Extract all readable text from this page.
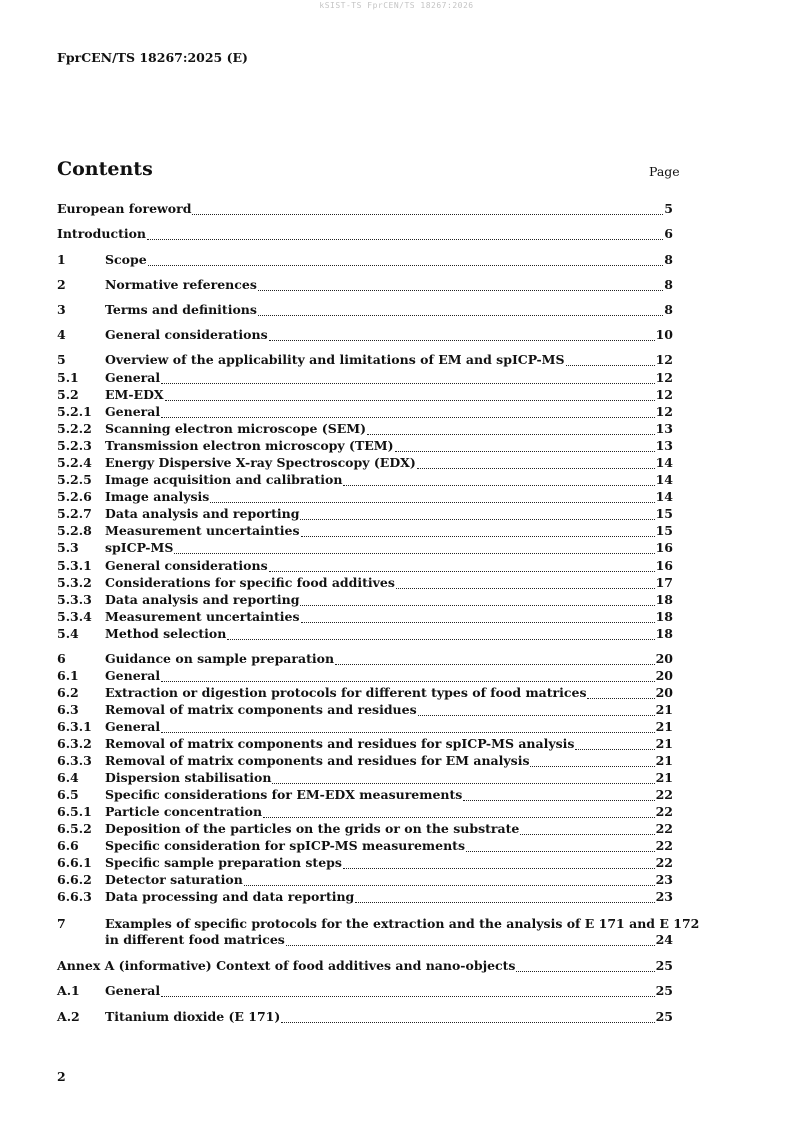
kSIST-TS FprCEN/TS 18267:2026
FprCEN/TS 18267:2025 (E)
Contents	Page
European foreword	5
Introduction	6
1	Scope	8
2	Normative references	8
3	Terms and definitions	8
4	General considerations	10
5	Overview of the applicability and limitations of EM and spICP-MS	12
5.1	General	12
5.2	EM-EDX	12
5.2.1	General	12
5.2.2	Scanning electron microscope (SEM)	13
5.2.3	Transmission electron microscopy (TEM)	13
5.2.4	Energy Dispersive X-ray Spectroscopy (EDX)	14
5.2.5	Image acquisition and calibration	14
5.2.6	Image analysis	14
5.2.7	Data analysis and reporting	15
5.2.8	Measurement uncertainties	15
5.3	spICP-MS	16
5.3.1	General considerations	16
5.3.2	Considerations for specific food additives	17
5.3.3	Data analysis and reporting	18
5.3.4	Measurement uncertainties	18
5.4	Method selection	18
6	Guidance on sample preparation	20
6.1	General	20
6.2	Extraction or digestion protocols for different types of food matrices	20
6.3	Removal of matrix components and residues	21
6.3.1	General	21
6.3.2	Removal of matrix components and residues for spICP-MS analysis	21
6.3.3	Removal of matrix components and residues for EM analysis	21
6.4	Dispersion stabilisation	21
6.5	Specific considerations for EM-EDX measurements	22
6.5.1	Particle concentration	22
6.5.2	Deposition of the particles on the grids or on the substrate	22
6.6	Specific consideration for spICP-MS measurements	22
6.6.1	Specific sample preparation steps	22
6.6.2	Detector saturation	23
6.6.3	Data processing and data reporting	23
7	Examples of specific protocols for the extraction and the analysis of E 171 and E 172
in different food matrices	24
Annex A (informative) Context of food additives and nano-objects	25
A.1	General	25
A.2	Titanium dioxide (E 171)	25
2
